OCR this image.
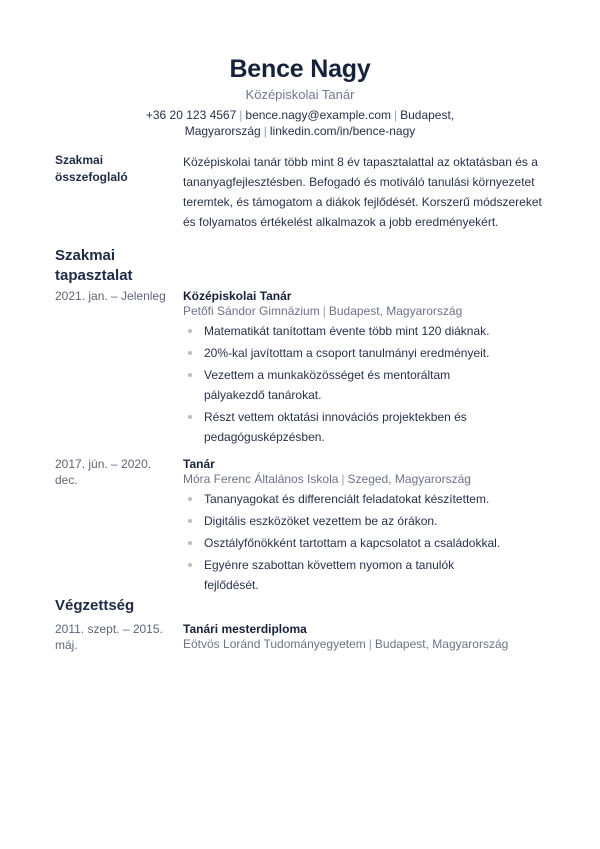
Bence Nagy
Középiskolai Tanár
+36 20 123 4567 | bence.nagy@example.com | Budapest, Magyarország | linkedin.com/in/bence-nagy
Szakmai összefoglaló
Középiskolai tanár több mint 8 év tapasztalattal az oktatásban és a tananyagfejlesztésben. Befogadó és motiváló tanulási környezetet teremtek, és támogatom a diákok fejlődését. Korszerű módszereket és folyamatos értékelést alkalmazok a jobb eredményekért.
Szakmai tapasztalat
2021. jan. – Jelenleg	Középiskolai Tanár
Petőfi Sándor Gimnázium | Budapest, Magyarország
Matematikát tanítottam évente több mint 120 diáknak.
20%-kal javítottam a csoport tanulmányi eredményeit.
Vezettem a munkaközösséget és mentoráltam pályakezdő tanárokat.
Részt vettem oktatási innovációs projektekben és pedagógusképzésben.
2017. jún. – 2020. dec.
Tanár
Móra Ferenc Általános Iskola | Szeged, Magyarország
Tananyagokat és differenciált feladatokat készítettem.
Digitális eszközöket vezettem be az órákon.
Osztályfőnökként tartottam a kapcsolatot a családokkal.
Egyénre szabottan követtem nyomon a tanulók fejlődését.
Végzettség
2011. szept. – 2015. máj.
Tanári mesterdiploma
Eötvös Loránd Tudományegyetem | Budapest, Magyarország
